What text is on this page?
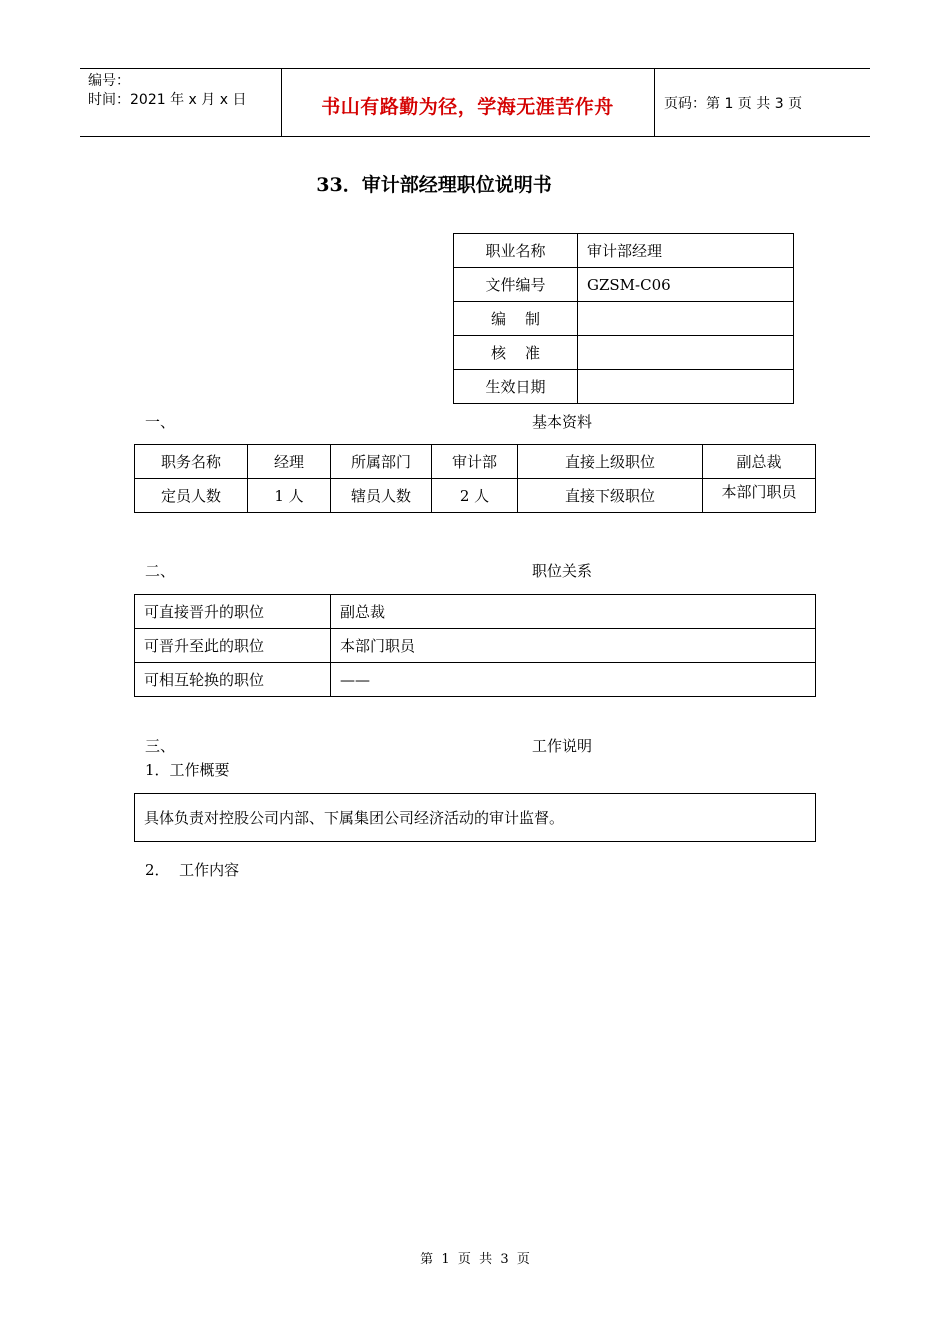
编号：
时间：2021 年 x 月 x 日	书山有路勤为径，学海无涯苦作舟	页码：第 1 页 共 3 页
33．审计部经理职位说明书
职业名称	审计部经理
文件编号	GZSM-C06
编    制	
核    准	
生效日期	
一、	基本资料
职务名称	经理	所属部门	审计部	直接上级职位	副总裁
定员人数	1 人	辖员人数	2 人	直接下级职位	本部门职员
二、	职位关系
可直接晋升的职位	副总裁
可晋升至此的职位	本部门职员
可相互轮换的职位	——
三、	工作说明
1．工作概要
具体负责对控股公司内部、下属集团公司经济活动的审计监督。
2．  工作内容
第  1  页  共  3  页
